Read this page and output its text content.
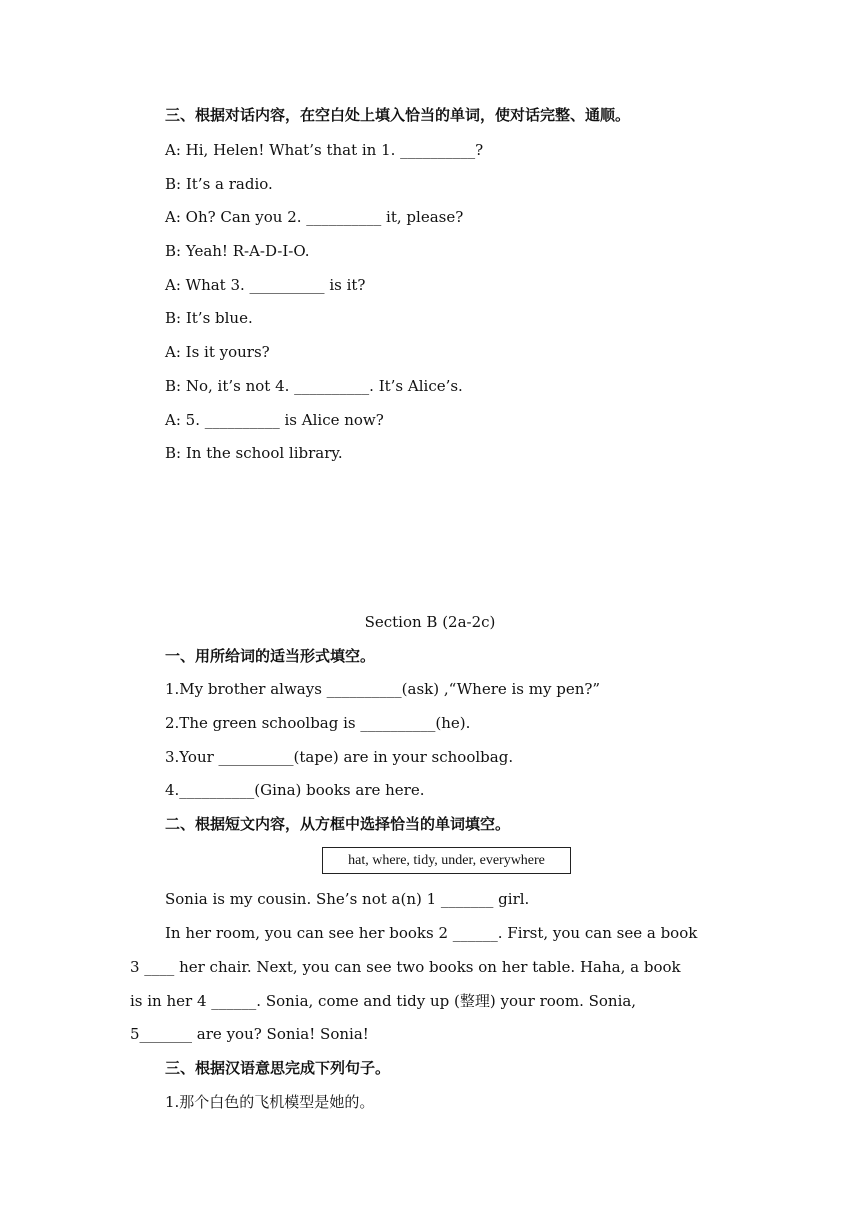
三、根据对话内容，在空白处上填入恰当的单词，使对话完整、通顺。
A: Hi, Helen! What’s that in 1. __________?
B: It’s a radio.
A: Oh? Can you 2. __________ it, please?
B: Yeah! R-A-D-I-O.
A: What 3. __________ is it?
B: It’s blue.
A: Is it yours?
B: No, it’s not 4. __________. It’s Alice’s.
A: 5. __________ is Alice now?
B: In the school library.
Section B (2a-2c)
一、用所给词的适当形式填空。
1.My brother always __________(ask) ,“Where is my pen?”
2.The green schoolbag is __________(he).
3.Your __________(tape) are in your schoolbag.
4.__________(Gina) books are here.
二、根据短文内容，从方框中选择恰当的单词填空。
hat, where, tidy, under, everywhere
Sonia is my cousin. She’s not a(n) 1 _______ girl.
In her room, you can see her books 2 ______. First, you can see a book
3 ____ her chair. Next, you can see two books on her table. Haha, a book
is in her 4 ______. Sonia, come and tidy up (整理) your room. Sonia,
5_______ are you? Sonia! Sonia!
三、根据汉语意思完成下列句子。
1.那个白色的飞机模型是她的。
